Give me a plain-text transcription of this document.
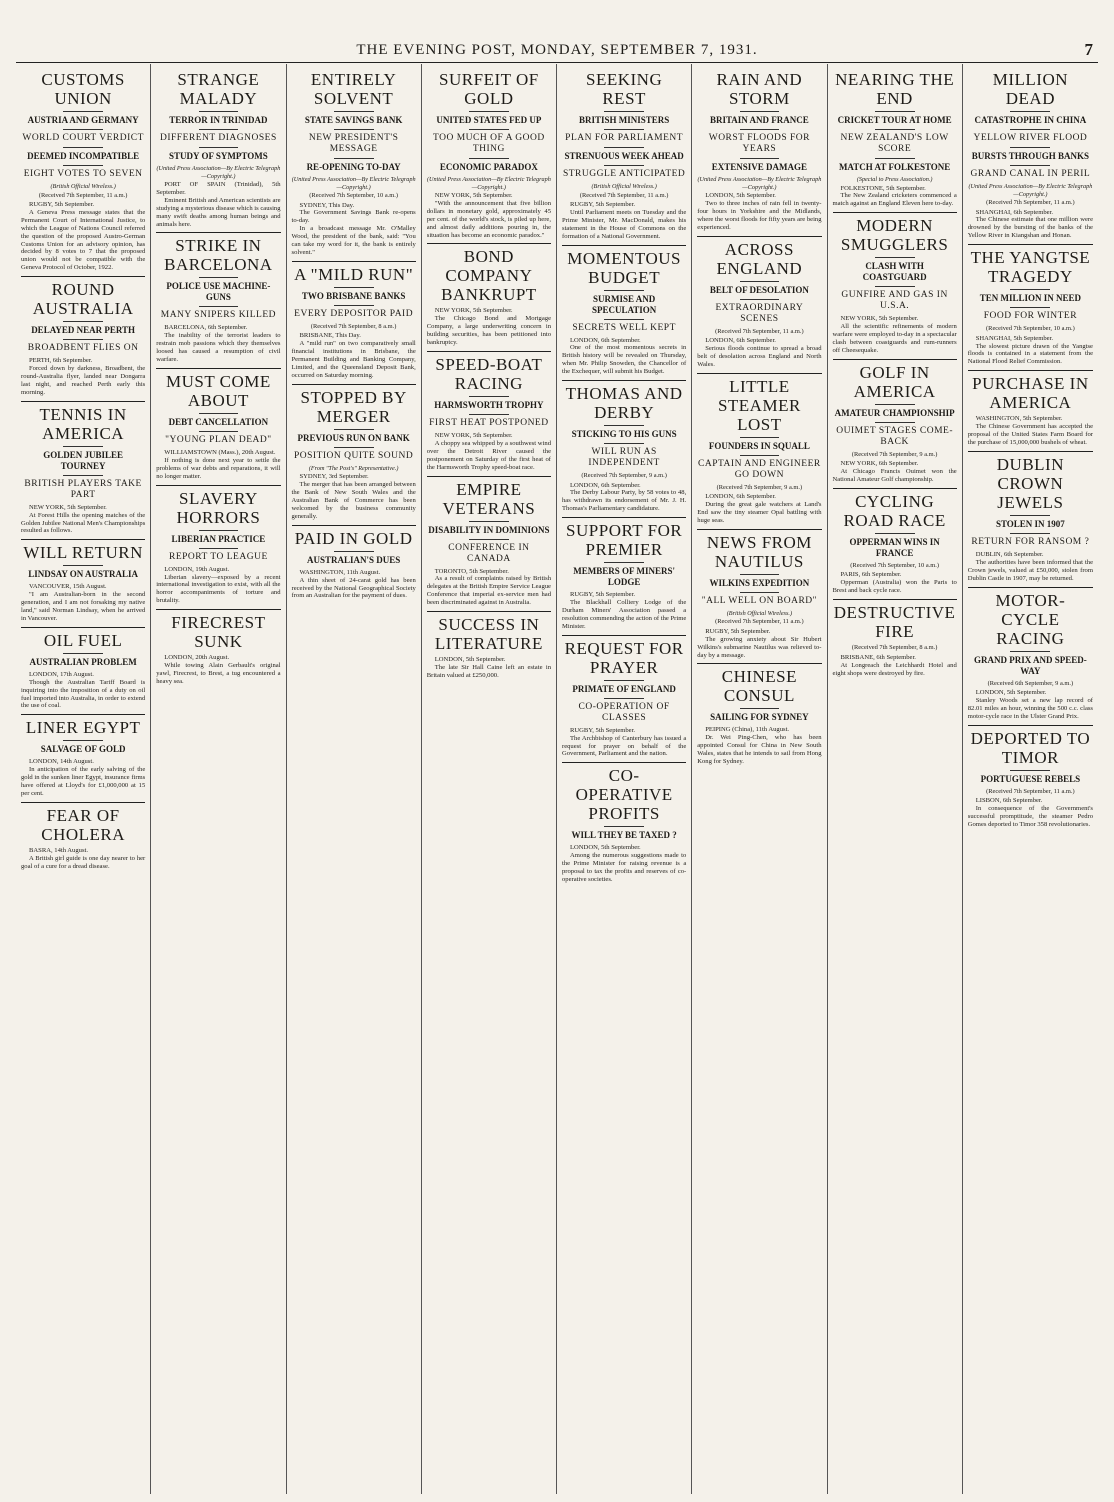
THE EVENING POST, MONDAY, SEPTEMBER 7, 1931.	7
CUSTOMS UNION
AUSTRIA AND GERMANY
WORLD COURT VERDICT
DEEMED INCOMPATIBLE
EIGHT VOTES TO SEVEN
(British Official Wireless.)
(Received 7th September, 11 a.m.)

RUGBY, 5th September.

A Geneva Press message states that the Permanent Court of International Justice, to which the League of Nations Council referred the question of the proposed Austro-German Customs Union for an advisory opinion, has decided by 8 votes to 7 that the proposed union would not be compatible with the Geneva Protocol of October, 1922.

ROUND AUSTRALIA
DELAYED NEAR PERTH
BROADBENT FLIES ON

PERTH, 6th September.

Forced down by darkness, Broadbent, the round-Australia flyer, landed near Dongarra last night, and reached Perth early this morning.

TENNIS IN AMERICA
GOLDEN JUBILEE TOURNEY
BRITISH PLAYERS TAKE PART

NEW YORK, 5th September.

At Forest Hills the opening matches of the Golden Jubilee National Men's Championships resulted as follows.

WILL RETURN
LINDSAY ON AUSTRALIA

VANCOUVER, 15th August.

"I am Australian-born in the second generation, and I am not forsaking my native land," said Norman Lindsay, when he arrived in Vancouver.

OIL FUEL
AUSTRALIAN PROBLEM

LONDON, 17th August.

Though the Australian Tariff Board is inquiring into the imposition of a duty on oil fuel imported into Australia, in order to extend the use of coal.

LINER EGYPT
SALVAGE OF GOLD

LONDON, 14th August.

In anticipation of the early salving of the gold in the sunken liner Egypt, insurance firms have offered at Lloyd's for £1,000,000 at 15 per cent.

FEAR OF CHOLERA

BASRA, 14th August.

A British girl guide is one day nearer to her goal of a cure for a dread disease.

STRANGE MALADY
TERROR IN TRINIDAD
DIFFERENT DIAGNOSES
STUDY OF SYMPTOMS
(United Press Association—By Electric Telegraph—Copyright.)

PORT OF SPAIN (Trinidad), 5th September.

Eminent British and American scientists are studying a mysterious disease which is causing many swift deaths among human beings and animals here.

STRIKE IN BARCELONA
POLICE USE MACHINE-GUNS
MANY SNIPERS KILLED

BARCELONA, 6th September.

The inability of the terrorist leaders to restrain mob passions which they themselves loosed has caused a resumption of civil warfare.

MUST COME ABOUT
DEBT CANCELLATION
"YOUNG PLAN DEAD"

WILLIAMSTOWN (Mass.), 20th August.

If nothing is done next year to settle the problems of war debts and reparations, it will no longer matter.

SLAVERY HORRORS
LIBERIAN PRACTICE
REPORT TO LEAGUE

LONDON, 19th August.

Liberian slavery—exposed by a recent international investigation to exist, with all the horror accompaniments of torture and brutality.

FIRECREST SUNK

LONDON, 20th August.

While towing Alain Gerbault's original yawl, Firecrest, to Brest, a tug encountered a heavy sea.

ENTIRELY SOLVENT
STATE SAVINGS BANK
NEW PRESIDENT'S MESSAGE
RE-OPENING TO-DAY
(United Press Association—By Electric Telegraph—Copyright.)
(Received 7th September, 10 a.m.)

SYDNEY, This Day.

The Government Savings Bank re-opens to-day.

In a broadcast message Mr. O'Malley Wood, the president of the bank, said: "You can take my word for it, the bank is entirely solvent."

A "MILD RUN"
TWO BRISBANE BANKS
EVERY DEPOSITOR PAID
(Received 7th September, 8 a.m.)

BRISBANE, This Day.

A "mild run" on two comparatively small financial institutions in Brisbane, the Permanent Building and Banking Company, Limited, and the Queensland Deposit Bank, occurred on Saturday morning.

STOPPED BY MERGER
PREVIOUS RUN ON BANK
POSITION QUITE SOUND
(From "The Post's" Representative.)

SYDNEY, 3rd September.

The merger that has been arranged between the Bank of New South Wales and the Australian Bank of Commerce has been welcomed by the business community generally.

PAID IN GOLD
AUSTRALIAN'S DUES

WASHINGTON, 11th August.

A thin sheet of 24-carat gold has been received by the National Geographical Society from an Australian for the payment of dues.

SURFEIT OF GOLD
UNITED STATES FED UP
TOO MUCH OF A GOOD THING
ECONOMIC PARADOX
(United Press Association—By Electric Telegraph—Copyright.)

NEW YORK, 5th September.

"With the announcement that five billion dollars in monetary gold, approximately 45 per cent. of the world's stock, is piled up here, and almost daily additions pouring in, the situation has become an economic paradox."

BOND COMPANY BANKRUPT

NEW YORK, 5th September.

The Chicago Bond and Mortgage Company, a large underwriting concern in building securities, has been petitioned into bankruptcy.

SPEED-BOAT RACING
HARMSWORTH TROPHY
FIRST HEAT POSTPONED

NEW YORK, 5th September.

A choppy sea whipped by a southwest wind over the Detroit River caused the postponement on Saturday of the first heat of the Harmsworth Trophy speed-boat race.

EMPIRE VETERANS
DISABILITY IN DOMINIONS
CONFERENCE IN CANADA

TORONTO, 5th September.

As a result of complaints raised by British delegates at the British Empire Service League Conference that imperial ex-service men had been discriminated against in Australia.

SUCCESS IN LITERATURE

LONDON, 5th September.

The late Sir Hall Caine left an estate in Britain valued at £250,000.

SEEKING REST
BRITISH MINISTERS
PLAN FOR PARLIAMENT
STRENUOUS WEEK AHEAD
STRUGGLE ANTICIPATED
(British Official Wireless.)
(Received 7th September, 11 a.m.)

RUGBY, 5th September.

Until Parliament meets on Tuesday and the Prime Minister, Mr. MacDonald, makes his statement in the House of Commons on the formation of a National Government.

MOMENTOUS BUDGET
SURMISE AND SPECULATION
SECRETS WELL KEPT

LONDON, 6th September.

One of the most momentous secrets in British history will be revealed on Thursday, when Mr. Philip Snowden, the Chancellor of the Exchequer, will submit his Budget.

THOMAS AND DERBY
STICKING TO HIS GUNS
WILL RUN AS INDEPENDENT
(Received 7th September, 9 a.m.)

LONDON, 6th September.

The Derby Labour Party, by 58 votes to 48, has withdrawn its endorsement of Mr. J. H. Thomas's Parliamentary candidature.

SUPPORT FOR PREMIER
MEMBERS OF MINERS' LODGE

RUGBY, 5th September.

The Blackhall Colliery Lodge of the Durham Miners' Association passed a resolution commending the action of the Prime Minister.

REQUEST FOR PRAYER
PRIMATE OF ENGLAND
CO-OPERATION OF CLASSES

RUGBY, 5th September.

The Archbishop of Canterbury has issued a request for prayer on behalf of the Government, Parliament and the nation.

CO-OPERATIVE PROFITS
WILL THEY BE TAXED ?

LONDON, 5th September.

Among the numerous suggestions made to the Prime Minister for raising revenue is a proposal to tax the profits and reserves of co-operative societies.

RAIN AND STORM
BRITAIN AND FRANCE
WORST FLOODS FOR YEARS
EXTENSIVE DAMAGE
(United Press Association—By Electric Telegraph—Copyright.)

LONDON, 5th September.

Two to three inches of rain fell in twenty-four hours in Yorkshire and the Midlands, where the worst floods for fifty years are being experienced.

ACROSS ENGLAND
BELT OF DESOLATION
EXTRAORDINARY SCENES
(Received 7th September, 11 a.m.)

LONDON, 6th September.

Serious floods continue to spread a broad belt of desolation across England and North Wales.

LITTLE STEAMER LOST
FOUNDERS IN SQUALL
CAPTAIN AND ENGINEER GO DOWN
(Received 7th September, 9 a.m.)

LONDON, 6th September.

During the great gale watchers at Land's End saw the tiny steamer Opal battling with huge seas.

NEWS FROM NAUTILUS
WILKINS EXPEDITION
"ALL WELL ON BOARD"
(British Official Wireless.)
(Received 7th September, 11 a.m.)

RUGBY, 5th September.

The growing anxiety about Sir Hubert Wilkins's submarine Nautilus was relieved to-day by a message.

CHINESE CONSUL
SAILING FOR SYDNEY

PEIPING (China), 11th August.

Dr. Wei Ping-Chen, who has been appointed Consul for China in New South Wales, states that he intends to sail from Hong Kong for Sydney.

NEARING THE END
CRICKET TOUR AT HOME
NEW ZEALAND'S LOW SCORE
MATCH AT FOLKESTONE
(Special to Press Association.)

FOLKESTONE, 5th September.

The New Zealand cricketers commenced a match against an England Eleven here to-day.

MODERN SMUGGLERS
CLASH WITH COASTGUARD
GUNFIRE AND GAS IN U.S.A.

NEW YORK, 5th September.

All the scientific refinements of modern warfare were employed to-day in a spectacular clash between coastguards and rum-runners off Cheesequake.

GOLF IN AMERICA
AMATEUR CHAMPIONSHIP
OUIMET STAGES COME-BACK
(Received 7th September, 9 a.m.)

NEW YORK, 6th September.

At Chicago Francis Ouimet won the National Amateur Golf championship.

CYCLING ROAD RACE
OPPERMAN WINS IN FRANCE
(Received 7th September, 10 a.m.)

PARIS, 6th September.

Opperman (Australia) won the Paris to Brest and back cycle race.

DESTRUCTIVE FIRE
(Received 7th September, 8 a.m.)

BRISBANE, 6th September.

At Longreach the Leichhardt Hotel and eight shops were destroyed by fire.

MILLION DEAD
CATASTROPHE IN CHINA
YELLOW RIVER FLOOD
BURSTS THROUGH BANKS
GRAND CANAL IN PERIL
(United Press Association—By Electric Telegraph—Copyright.)
(Received 7th September, 11 a.m.)

SHANGHAI, 6th September.

The Chinese estimate that one million were drowned by the bursting of the banks of the Yellow River in Kiangshan and Honan.

THE YANGTSE TRAGEDY
TEN MILLION IN NEED
FOOD FOR WINTER
(Received 7th September, 10 a.m.)

SHANGHAI, 5th September.

The slowest picture drawn of the Yangtse floods is contained in a statement from the National Flood Relief Commission.

PURCHASE IN AMERICA

WASHINGTON, 5th September.

The Chinese Government has accepted the proposal of the United States Farm Board for the purchase of 15,000,000 bushels of wheat.

DUBLIN CROWN JEWELS
STOLEN IN 1907
RETURN FOR RANSOM ?

DUBLIN, 6th September.

The authorities have been informed that the Crown jewels, valued at £50,000, stolen from Dublin Castle in 1907, may be returned.

MOTOR-CYCLE RACING
GRAND PRIX AND SPEED-WAY
(Received 6th September, 9 a.m.)

LONDON, 5th September.

Stanley Woods set a new lap record of 82.01 miles an hour, winning the 500 c.c. class motor-cycle race in the Ulster Grand Prix.

DEPORTED TO TIMOR
PORTUGUESE REBELS
(Received 7th September, 11 a.m.)

LISBON, 6th September.

In consequence of the Government's successful promptitude, the steamer Pedro Gomes deported to Timor 358 revolutionaries.
